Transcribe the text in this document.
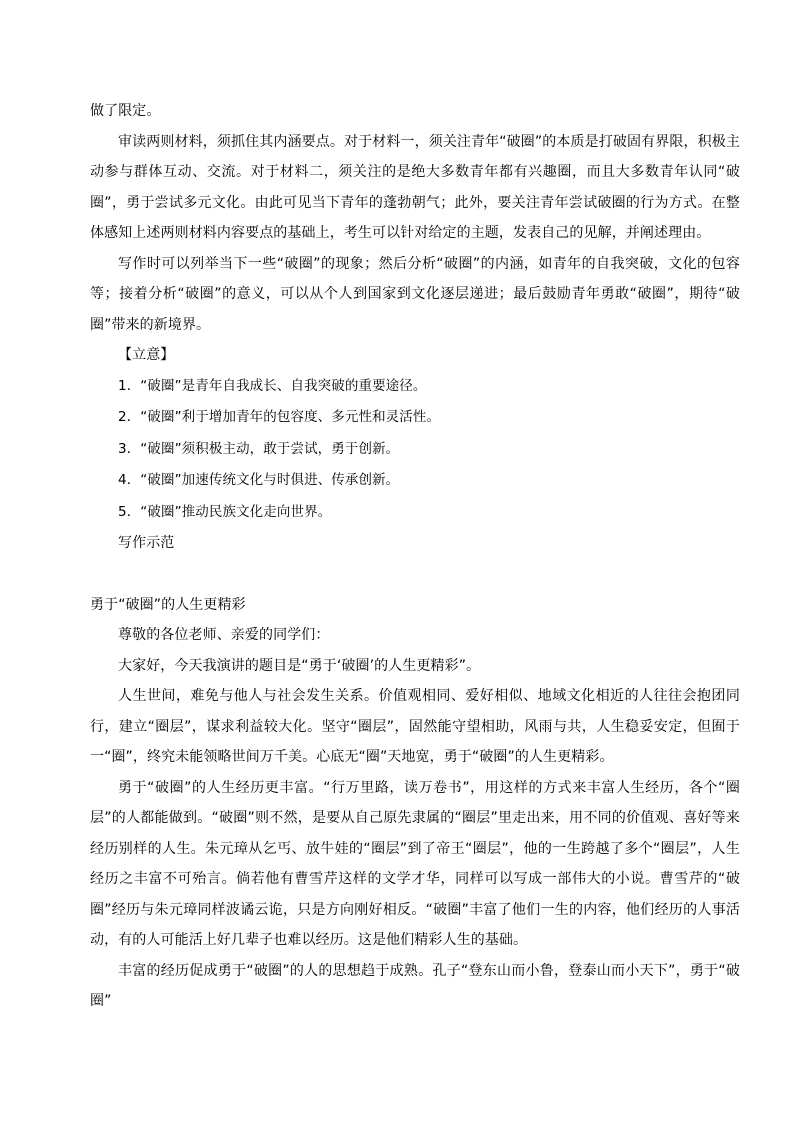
做了限定。

审读两则材料，须抓住其内涵要点。对于材料一，须关注青年“破圈”的本质是打破固有界限，积极主动参与群体互动、交流。对于材料二，须关注的是绝大多数青年都有兴趣圈，而且大多数青年认同“破圈”，勇于尝试多元文化。由此可见当下青年的蓬勃朝气；此外，要关注青年尝试破圈的行为方式。在整体感知上述两则材料内容要点的基础上，考生可以针对给定的主题，发表自己的见解，并阐述理由。

写作时可以列举当下一些“破圈”的现象；然后分析“破圈”的内涵，如青年的自我突破，文化的包容等；接着分析“破圈”的意义，可以从个人到国家到文化逐层递进；最后鼓励青年勇敢“破圈”，期待“破圈”带来的新境界。

【立意】

1．“破圈”是青年自我成长、自我突破的重要途径。

2．“破圈”利于增加青年的包容度、多元性和灵活性。

3．“破圈”须积极主动，敢于尝试，勇于创新。

4．“破圈”加速传统文化与时俱进、传承创新。

5．“破圈”推动民族文化走向世界。

写作示范

勇于“破圈”的人生更精彩

尊敬的各位老师、亲爱的同学们：

大家好，今天我演讲的题目是“勇于‘破圈’的人生更精彩”。

人生世间，难免与他人与社会发生关系。价值观相同、爱好相似、地域文化相近的人往往会抱团同行，建立“圈层”，谋求利益较大化。坚守“圈层”，固然能守望相助，风雨与共，人生稳妥安定，但囿于一“圈”，终究未能领略世间万千美。心底无“圈”天地宽，勇于“破圈”的人生更精彩。

勇于“破圈”的人生经历更丰富。“行万里路，读万卷书”，用这样的方式来丰富人生经历，各个“圈层”的人都能做到。“破圈”则不然，是要从自己原先隶属的“圈层”里走出来，用不同的价值观、喜好等来经历别样的人生。朱元璋从乞丐、放牛娃的“圈层”到了帝王“圈层”，他的一生跨越了多个“圈层”，人生经历之丰富不可殆言。倘若他有曹雪芹这样的文学才华，同样可以写成一部伟大的小说。曹雪芹的“破圈”经历与朱元璋同样波谲云诡，只是方向刚好相反。“破圈”丰富了他们一生的内容，他们经历的人事活动，有的人可能活上好几辈子也难以经历。这是他们精彩人生的基础。

丰富的经历促成勇于“破圈”的人的思想趋于成熟。孔子“登东山而小鲁，登泰山而小天下”，勇于“破圈”
